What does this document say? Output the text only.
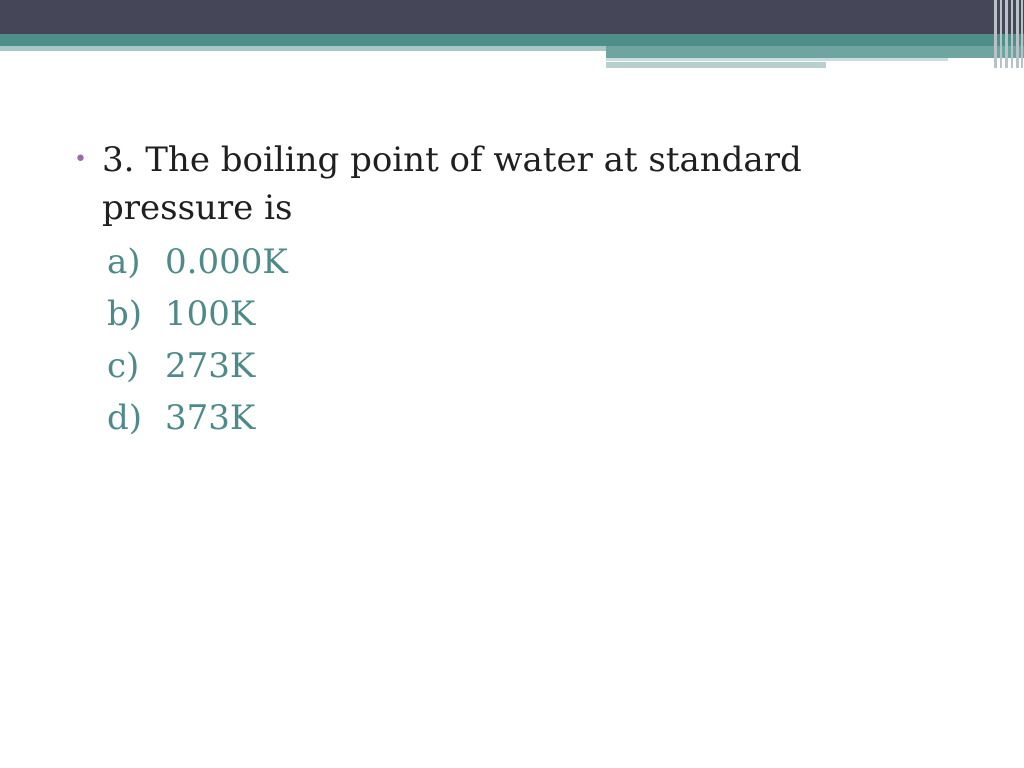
• 3. The boiling point of water at standard pressure is
a) 0.000K
b) 100K
c) 273K
d) 373K
